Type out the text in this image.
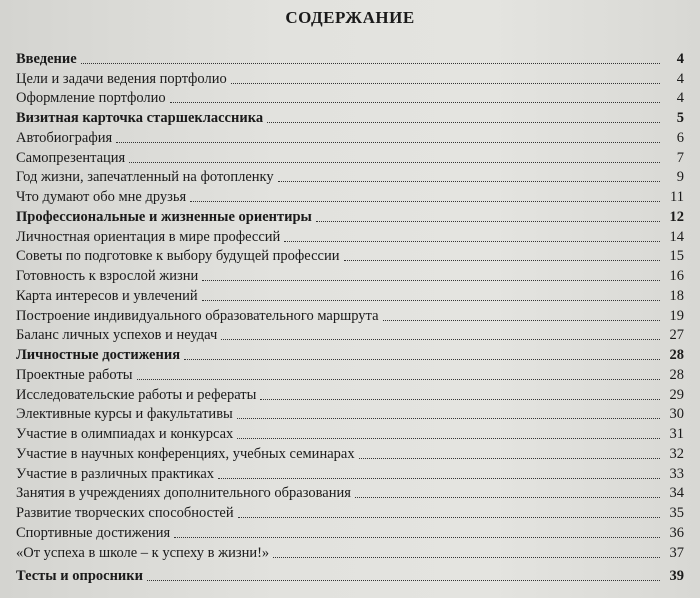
СОДЕРЖАНИЕ
Введение	4
Цели и задачи ведения портфолио	4
Оформление портфолио	4
Визитная карточка старшеклассника	5
Автобиография	6
Самопрезентация	7
Год жизни, запечатленный на фотопленку	9
Что думают обо мне друзья	11
Профессиональные и жизненные ориентиры	12
Личностная ориентация в мире профессий	14
Советы по подготовке к выбору будущей профессии	15
Готовность к взрослой жизни	16
Карта интересов и увлечений	18
Построение индивидуального образовательного маршрута	19
Баланс личных успехов и неудач	27
Личностные достижения	28
Проектные работы	28
Исследовательские работы и рефераты	29
Элективные курсы и факультативы	30
Участие в олимпиадах и конкурсах	31
Участие в научных конференциях, учебных семинарах	32
Участие в различных практиках	33
Занятия в учреждениях дополнительного образования	34
Развитие творческих способностей	35
Спортивные достижения	36
«От успеха в школе – к успеху в жизни!»	37
Тесты и опросники	39
